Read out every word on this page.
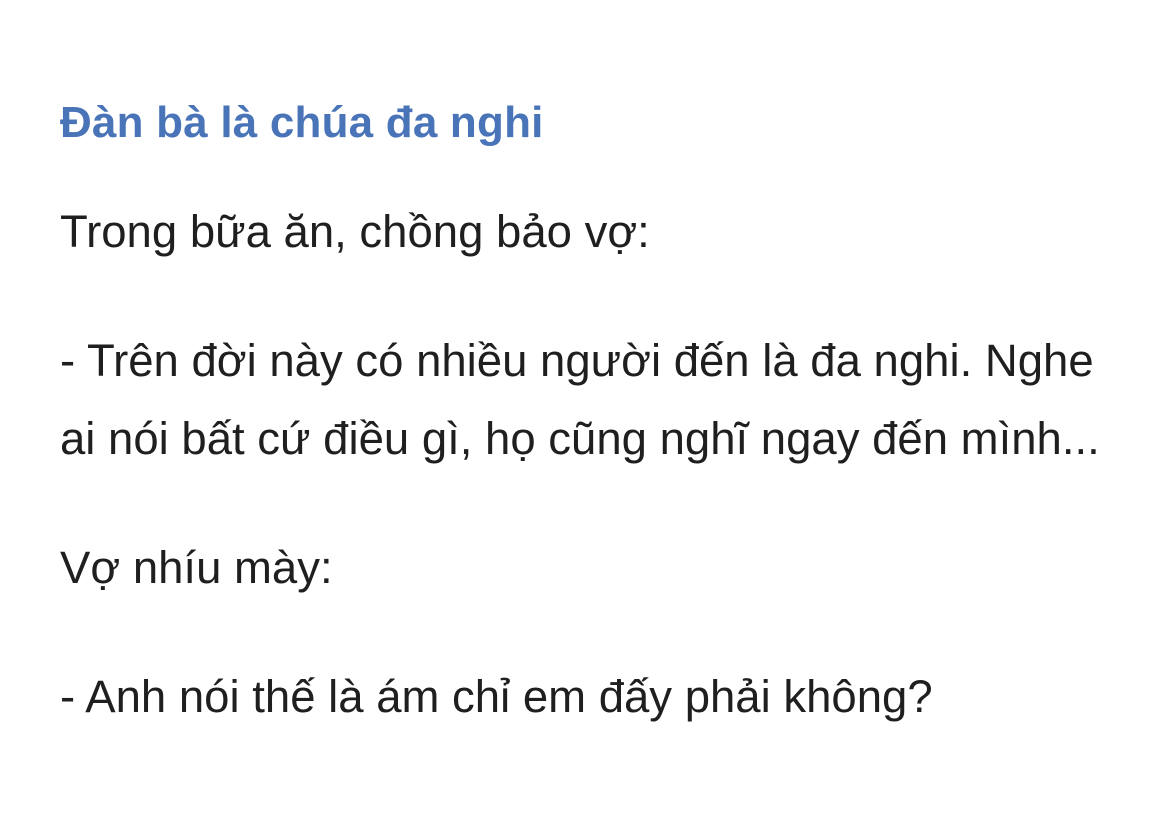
Đàn bà là chúa đa nghi

Trong bữa ăn, chồng bảo vợ:

- Trên đời này có nhiều người đến là đa nghi. Nghe ai nói bất cứ điều gì, họ cũng nghĩ ngay đến mình...

Vợ nhíu mày:

- Anh nói thế là ám chỉ em đấy phải không?
